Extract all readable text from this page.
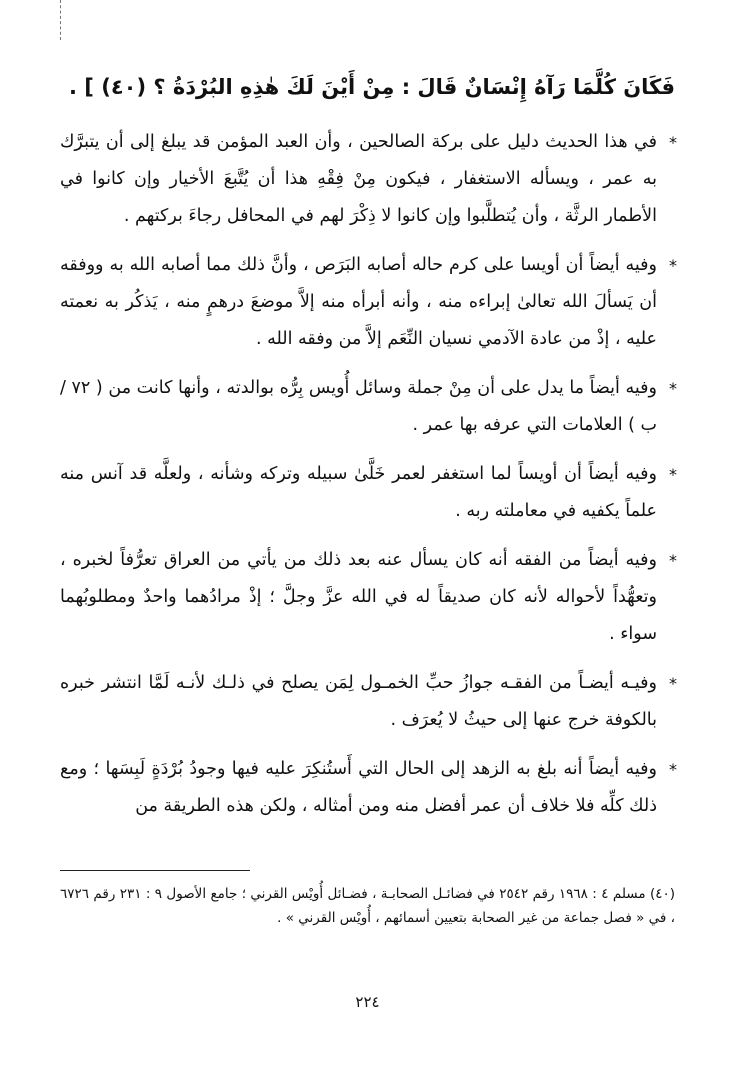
فَكَانَ كُلَّمَا رَآهُ إِنْسَانٌ قَالَ : مِنْ أَيْنَ لَكَ هٰذِهِ البُرْدَةُ ؟ (٤٠) ] .
*
في هذا الحديث دليل على بركة الصالحين ، وأن العبد المؤمن قد يبلغ إلى أن يتبرَّك به عمر ، ويسأله الاستغفار ، فيكون مِنْ فِقْهِ هذا أن يُتَّبعَ الأخيار وإن كانوا في الأطمار الرثَّة ، وأن يُتطلَّبوا وإن كانوا لا ذِكْرَ لهم في المحافل رجاءَ بركتهم .
*
وفيه أيضاً أن أويسا على كرم حاله أصابه البَرَص ، وأنَّ ذلك مما أصابه الله به ووفقه أن يَسألَ الله تعالىٰ إبراءه منه ، وأنه أبرأه منه إلاَّ موضعَ درهمٍ منه ، يَذكُر به نعمته عليه ، إذْ من عادة الآدمي نسيان النِّعَم إلاَّ من وفقه الله .
*
وفيه أيضاً ما يدل على أن مِنْ جملة وسائل أُويس بِرُّه بوالدته ، وأنها كانت من ( ٧٢ / ب ) العلامات التي عرفه بها عمر .
*
وفيه أيضاً أن أويساً لما استغفر لعمر خَلَّىٰ سبيله وتركه وشأنه ، ولعلَّه قد آنس منه علماً يكفيه في معاملته ربه .
*
وفيه أيضاً من الفقه أنه كان يسأل عنه بعد ذلك من يأتي من العراق تعرُّفاً لخبره ، وتعهُّداً لأحواله لأنه كان صديقاً له في الله عزَّ وجلَّ ؛ إذْ مرادُهما واحدٌ ومطلوبُهما سواء .
*
وفيـه أيضـاً من الفقـه جوازُ حبِّ الخمـول لِمَن يصلح في ذلـك لأنـه لَمَّا انتشر خبره بالكوفة خرج عنها إلى حيثُ لا يُعرَف .
*
وفيه أيضاً أنه بلغ به الزهد إلى الحال التي أَستُنكِرَ عليه فيها وجودُ بُرْدَةٍ لَبِسَها ؛ ومع ذلك كلِّه فلا خلاف أن عمر أفضل منه ومن أمثاله ، ولكن هذه الطريقة من
(٤٠) مسلم ٤ : ١٩٦٨ رقم ٢٥٤٢ في فضائـل الصحابـة ، فضـائل أُويْس القرني ؛ جامع الأصول ٩ : ٢٣١ رقم ٦٧٢٦ ، في « فصل جماعة من غير الصحابة بتعيين أسمائهم ، أُويْس القرني » .
٢٢٤
